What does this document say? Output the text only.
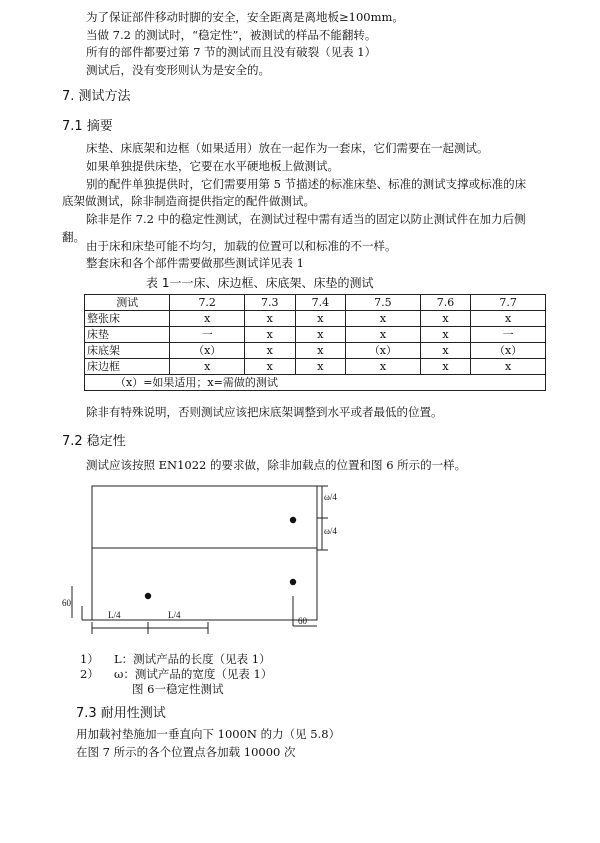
为了保证部件移动时脚的安全，安全距离是离地板≥100mm。
当做 7.2 的测试时，“稳定性”，被测试的样品不能翻转。
所有的部件都要过第 7 节的测试而且没有破裂（见表 1）
测试后，没有变形则认为是安全的。
7. 测试方法
7.1 摘要
床垫、床底架和边框（如果适用）放在一起作为一套床，它们需要在一起测试。
如果单独提供床垫，它要在水平硬地板上做测试。
别的配件单独提供时，它们需要用第 5 节描述的标准床垫、标准的测试支撑或标准的床
底架做测试，除非制造商提供指定的配件做测试。
除非是作 7.2 中的稳定性测试，在测试过程中需有适当的固定以防止测试件在加力后侧
翻。
由于床和床垫可能不均匀，加载的位置可以和标准的不一样。
整套床和各个部件需要做那些测试详见表 1
表 1一一床、床边框、床底架、床垫的测试
测试	7.2	7.3	7.4	7.5	7.6	7.7
整张床	x	x	x	x	x	x
床垫	一	x	x	x	x	一
床底架	（x）	x	x	（x）	x	（x）
床边框	x	x	x	x	x	x
（x）=如果适用；x=需做的测试						
除非有特殊说明，否则测试应该把床底架调整到水平或者最低的位置。
7.2 稳定性
测试应该按照 EN1022 的要求做，除非加载点的位置和图 6 所示的一样。
ω/4
ω/4
L/4	L/4
60
60
1） L：测试产品的长度（见表 1）
2） ω：测试产品的宽度（见表 1）
图 6一稳定性测试
7.3 耐用性测试
用加载衬垫施加一垂直向下 1000N 的力（见 5.8）
在图 7 所示的各个位置点各加载 10000 次
